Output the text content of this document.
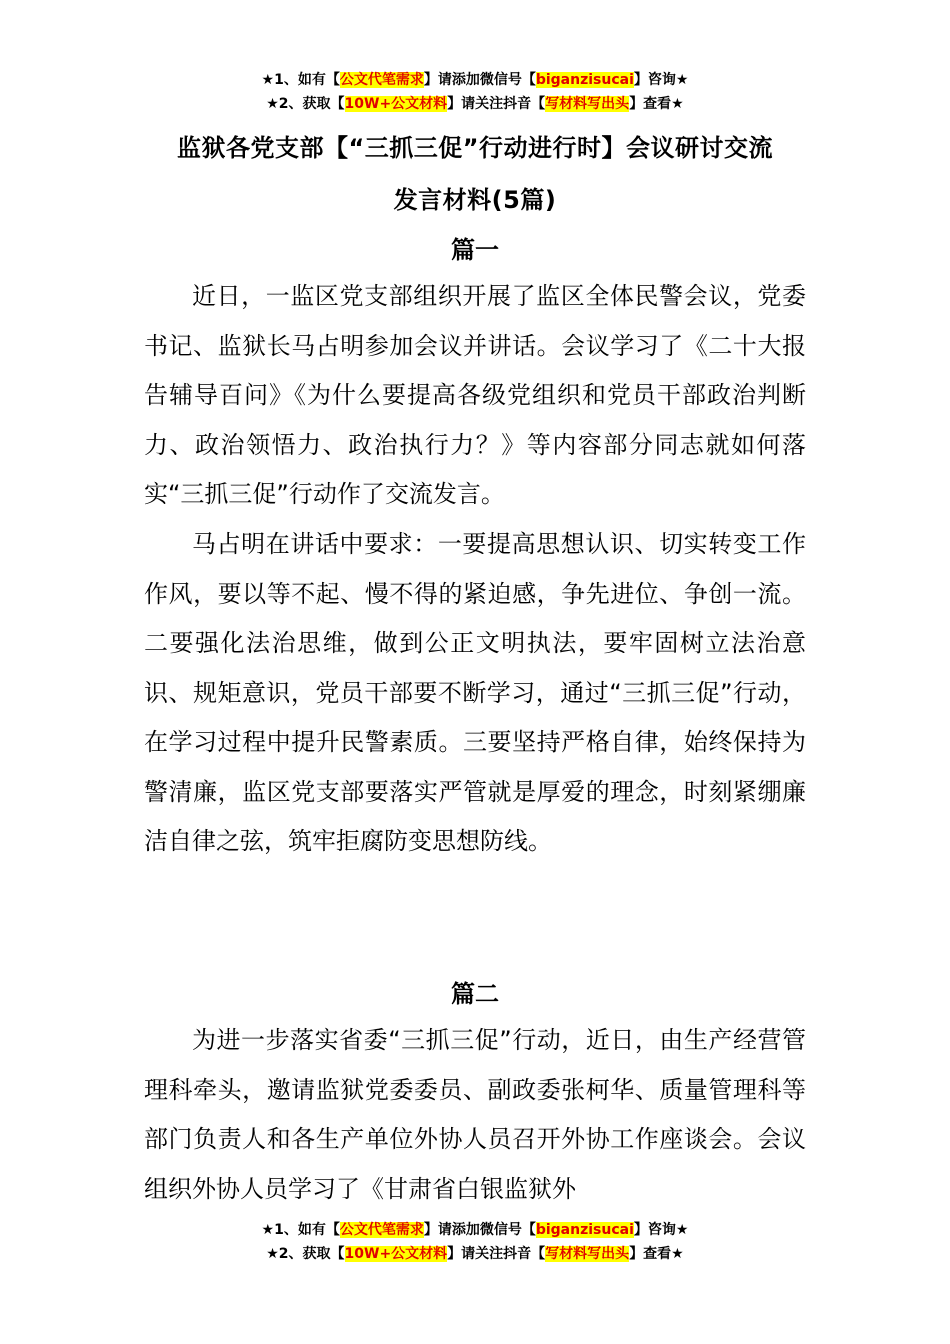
★1、如有【公文代笔需求】请添加微信号【biganzisucai】咨询★
★2、获取【10W+公文材料】请关注抖音【写材料写出头】查看★
监狱各党支部【“三抓三促”行动进行时】会议研讨交流
发言材料(5篇)
篇一

近日，一监区党支部组织开展了监区全体民警会议，党委书记、监狱长马占明参加会议并讲话。会议学习了《二十大报告辅导百问》《为什么要提高各级党组织和党员干部政治判断力、政治领悟力、政治执行力？》等内容部分同志就如何落实“三抓三促”行动作了交流发言。

马占明在讲话中要求：一要提高思想认识、切实转变工作作风，要以等不起、慢不得的紧迫感，争先进位、争创一流。二要强化法治思维，做到公正文明执法，要牢固树立法治意识、规矩意识，党员干部要不断学习，通过“三抓三促”行动，在学习过程中提升民警素质。三要坚持严格自律，始终保持为警清廉，监区党支部要落实严管就是厚爱的理念，时刻紧绷廉洁自律之弦，筑牢拒腐防变思想防线。

篇二

为进一步落实省委“三抓三促”行动，近日，由生产经营管理科牵头，邀请监狱党委委员、副政委张柯华、质量管理科等部门负责人和各生产单位外协人员召开外协工作座谈会。会议组织外协人员学习了《甘肃省白银监狱外

★1、如有【公文代笔需求】请添加微信号【biganzisucai】咨询★
★2、获取【10W+公文材料】请关注抖音【写材料写出头】查看★
